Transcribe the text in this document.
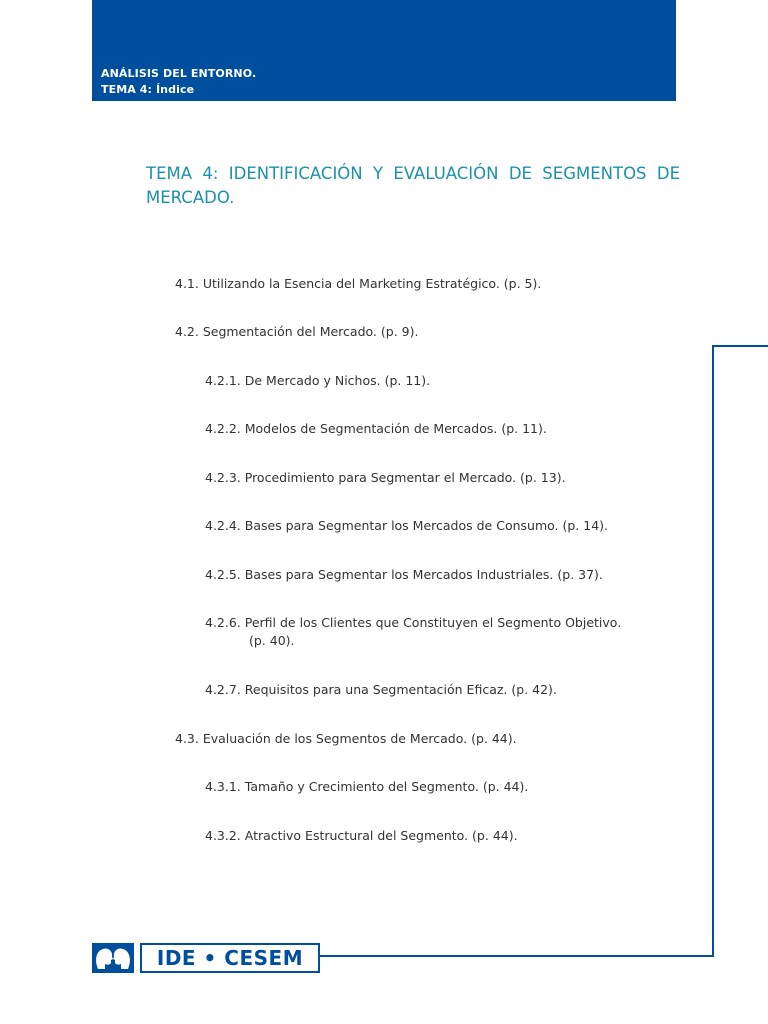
ANÁLISIS DEL ENTORNO.
TEMA 4: Índice
TEMA 4: IDENTIFICACIÓN Y EVALUACIÓN DE SEGMENTOS DE MERCADO.
4.1. Utilizando la Esencia del Marketing Estratégico. (p. 5).
4.2. Segmentación del Mercado. (p. 9).
4.2.1. De Mercado y Nichos. (p. 11).
4.2.2. Modelos de Segmentación de Mercados. (p. 11).
4.2.3. Procedimiento para Segmentar el Mercado. (p. 13).
4.2.4. Bases para Segmentar los Mercados de Consumo. (p. 14).
4.2.5. Bases para Segmentar los Mercados Industriales. (p. 37).
4.2.6. Perfil de los Clientes que Constituyen el Segmento Objetivo.
(p. 40).
4.2.7. Requisitos para una Segmentación Eficaz. (p. 42).
4.3. Evaluación de los Segmentos de Mercado. (p. 44).
4.3.1. Tamaño y Crecimiento del Segmento. (p. 44).
4.3.2. Atractivo Estructural del Segmento. (p. 44).
IDE • CESEM
